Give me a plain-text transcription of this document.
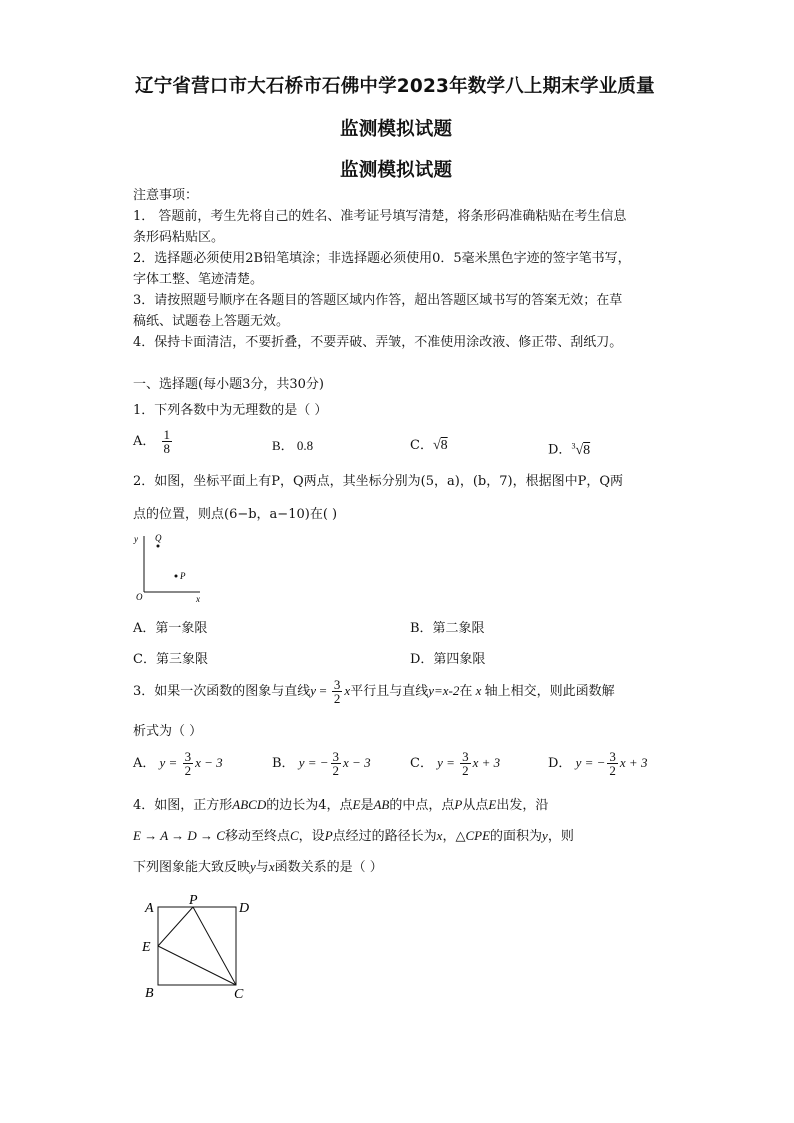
辽宁省营口市大石桥市石佛中学2023年数学八上期末学业质量
监测模拟试题
监测模拟试题
注意事项：
1． 答题前，考生先将自己的姓名、准考证号填写清楚，将条形码准确粘贴在考生信息
条形码粘贴区。
2．选择题必须使用2B铅笔填涂；非选择题必须使用0．5毫米黑色字迹的签字笔书写，
字体工整、笔迹清楚。
3．请按照题号顺序在各题目的答题区域内作答，超出答题区域书写的答案无效；在草
稿纸、试题卷上答题无效。
4．保持卡面清洁，不要折叠，不要弄破、弄皱，不准使用涂改液、修正带、刮纸刀。
一、选择题(每小题3分，共30分)
1．下列各数中为无理数的是（ ）
A． $\frac{1}{8}$	B． 0.8	C．√8	D．$^3$√8
2．如图，坐标平面上有P，Q两点，其坐标分别为(5，a)，(b，7)，根据图中P，Q两
点的位置，则点(6−b，a−10)在( )
y
x
O
Q
P
A．第一象限	B．第二象限
C．第三象限	D．第四象限
3．如果一次函数的图象与直线$y = \frac{3}{2}$ x平行且与直线y=x-2在 x 轴上相交，则此函数解
析式为（ ）
A． $y = \frac{3}{2}$ x − 3	B． y = − $\frac{3}{2}$ x − 3	C． $y = \frac{3}{2}$ x + 3	D． y = − $\frac{3}{2}$ x + 3
4．如图，正方形ABCD的边长为4，点E是AB的中点，点P从点E出发，沿
E → A → D → C移动至终点C，设P点经过的路径长为x，△CPE的面积为y，则
下列图象能大致反映y与x函数关系的是（ ）
A
P
D
E
B	C
